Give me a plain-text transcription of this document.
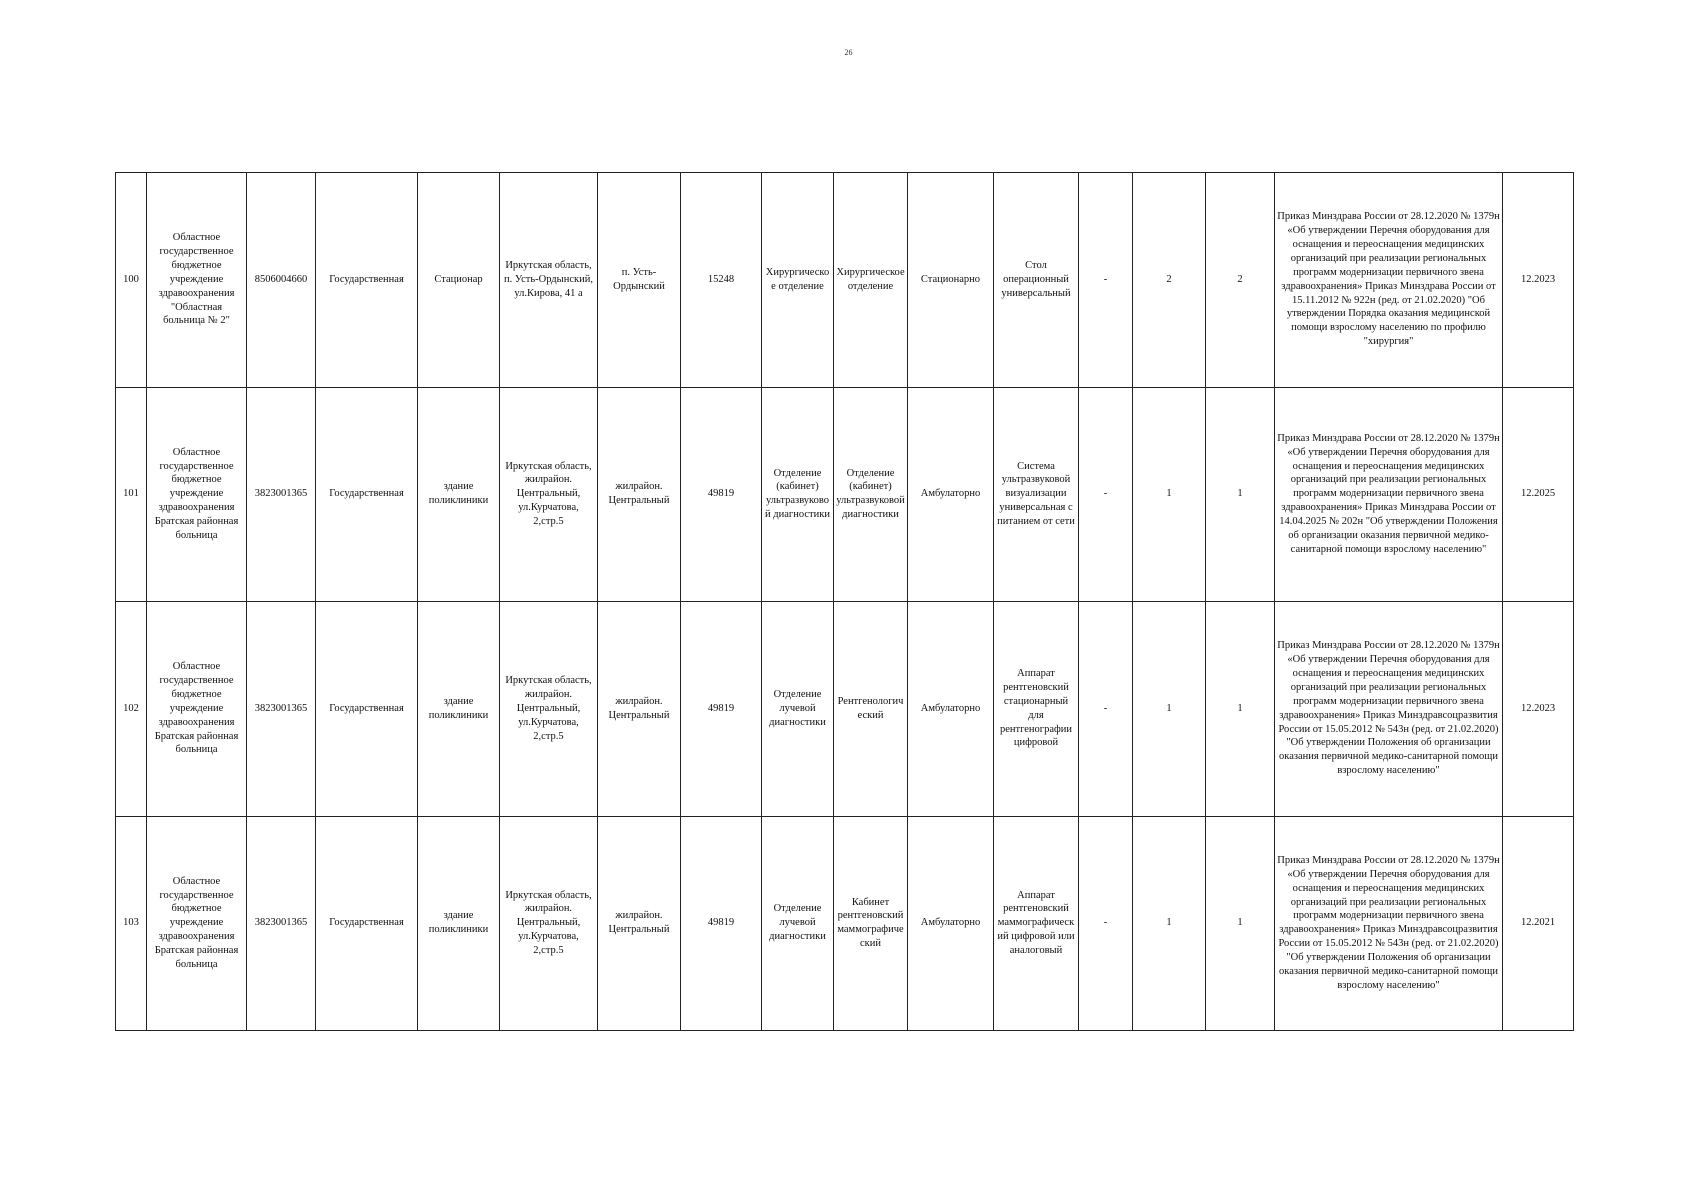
26
100	Областное государственное бюджетное учреждение здравоохранения "Областная больница № 2"	8506004660	Государственная	Стационар	Иркутская область, п. Усть-Ордынский, ул.Кирова, 41 а	п. Усть-Ордынский	15248	Хирургическое отделение	Хирургическое отделение	Стационарно	Стол операционный универсальный	-	2	2	Приказ Минздрава России от 28.12.2020 № 1379н «Об утверждении Перечня оборудования для оснащения и переоснащения медицинских организаций при реализации региональных программ модернизации первичного звена здравоохранения» Приказ Минздрава России от 15.11.2012 № 922н (ред. от 21.02.2020) "Об утверждении Порядка оказания медицинской помощи взрослому населению по профилю "хирургия"	12.2023
101	Областное государственное бюджетное учреждение здравоохранения Братская районная больница	3823001365	Государственная	здание поликлиники	Иркутская область, жилрайон. Центральный, ул.Курчатова, 2,стр.5	жилрайон. Центральный	49819	Отделение (кабинет) ультразвуковой диагностики	Отделение (кабинет) ультразвуковой диагностики	Амбулаторно	Система ультразвуковой визуализации универсальная с питанием от сети	-	1	1	Приказ Минздрава России от 28.12.2020 № 1379н «Об утверждении Перечня оборудования для оснащения и переоснащения медицинских организаций при реализации региональных программ модернизации первичного звена здравоохранения» Приказ Минздрава России от 14.04.2025 № 202н "Об утверждении Положения об организации оказания первичной медико-санитарной помощи взрослому населению"	12.2025
102	Областное государственное бюджетное учреждение здравоохранения Братская районная больница	3823001365	Государственная	здание поликлиники	Иркутская область, жилрайон. Центральный, ул.Курчатова, 2,стр.5	жилрайон. Центральный	49819	Отделение лучевой диагностики	Рентгенологический	Амбулаторно	Аппарат рентгеновский стационарный для рентгенографии цифровой	-	1	1	Приказ Минздрава России от 28.12.2020 № 1379н «Об утверждении Перечня оборудования для оснащения и переоснащения медицинских организаций при реализации региональных программ модернизации первичного звена здравоохранения» Приказ Минздравсоцразвития России от 15.05.2012 № 543н (ред. от 21.02.2020) "Об утверждении Положения об организации оказания первичной медико-санитарной помощи взрослому населению"	12.2023
103	Областное государственное бюджетное учреждение здравоохранения Братская районная больница	3823001365	Государственная	здание поликлиники	Иркутская область, жилрайон. Центральный, ул.Курчатова, 2,стр.5	жилрайон. Центральный	49819	Отделение лучевой диагностики	Кабинет рентгеновский маммографический	Амбулаторно	Аппарат рентгеновский маммографический цифровой или аналоговый	-	1	1	Приказ Минздрава России от 28.12.2020 № 1379н «Об утверждении Перечня оборудования для оснащения и переоснащения медицинских организаций при реализации региональных программ модернизации первичного звена здравоохранения» Приказ Минздравсоцразвития России от 15.05.2012 № 543н (ред. от 21.02.2020) "Об утверждении Положения об организации оказания первичной медико-санитарной помощи взрослому населению"	12.2021
